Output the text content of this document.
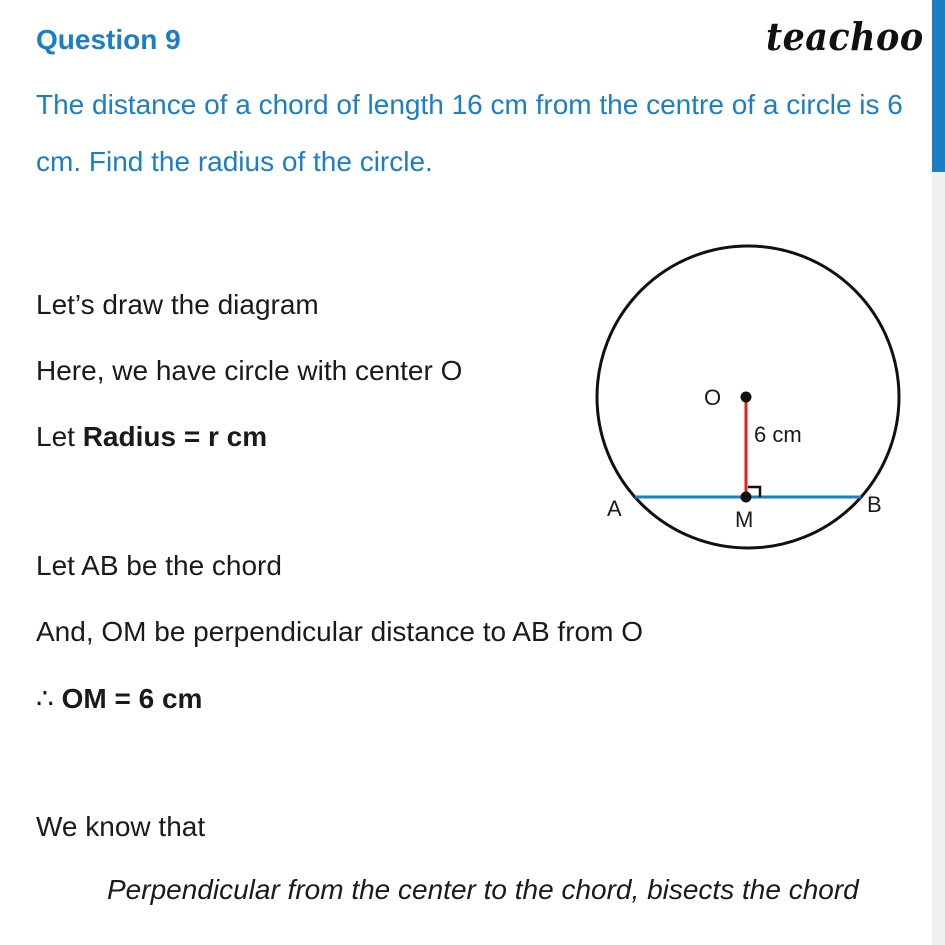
Question 9	teachoo

The distance of a chord of length 16 cm from the centre of a circle is 6 cm. Find the radius of the circle.

Let’s draw the diagram

Here, we have circle with center O

Let Radius = r cm

Let AB be the chord

And, OM be perpendicular distance to AB from O

∴ OM = 6 cm

We know that

Perpendicular from the center to the chord, bisects the chord

O
6 cm
A	M
B
